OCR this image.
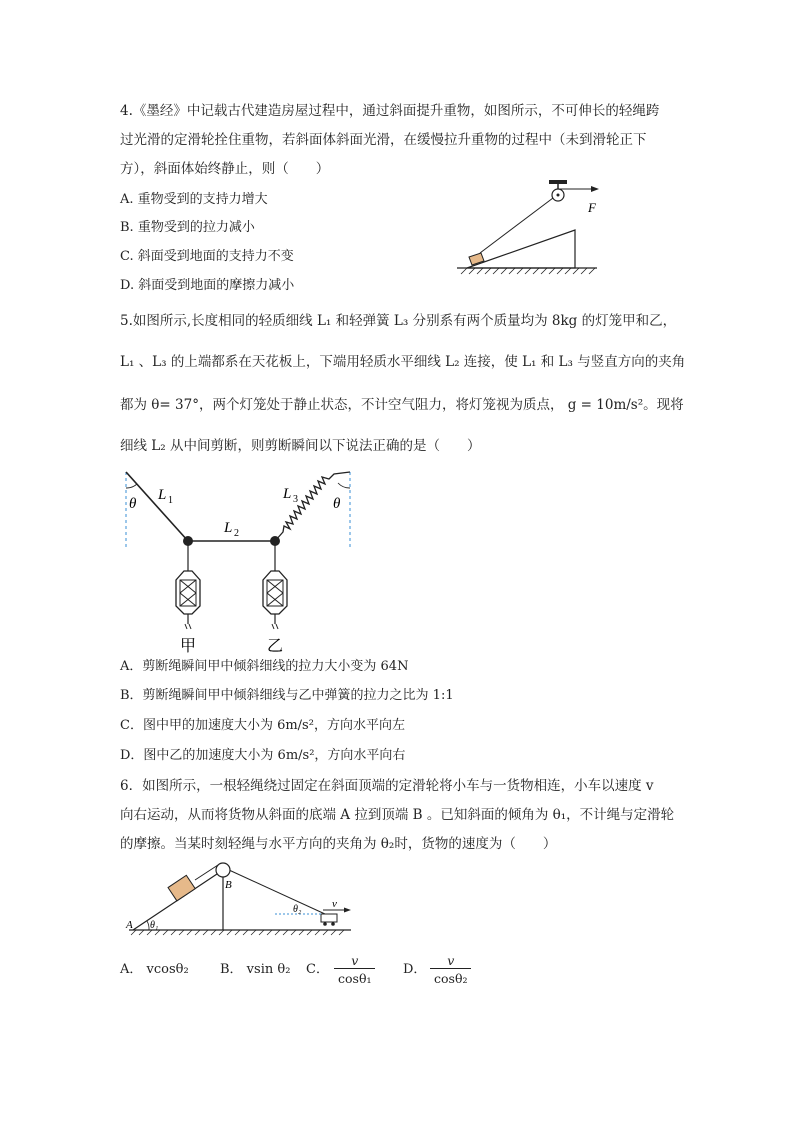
4.《墨经》中记载古代建造房屋过程中，通过斜面提升重物，如图所示，不可伸长的轻绳跨
过光滑的定滑轮拴住重物，若斜面体斜面光滑，在缓慢拉升重物的过程中（未到滑轮正下
方），斜面体始终静止，则（　　）
A. 重物受到的支持力增大
B. 重物受到的拉力减小
C. 斜面受到地面的支持力不变
D. 斜面受到地面的摩擦力减小
F
5.如图所示,长度相同的轻质细线 L₁ 和轻弹簧 L₃ 分别系有两个质量均为 8kg 的灯笼甲和乙，
L₁ 、L₃ 的上端都系在天花板上，下端用轻质水平细线 L₂ 连接，使 L₁ 和 L₃ 与竖直方向的夹角
都为 θ= 37°，两个灯笼处于静止状态，不计空气阻力，将灯笼视为质点， g = 10m/s²。现将
细线 L₂ 从中间剪断，则剪断瞬间以下说法正确的是（　　）
θ	θ
L 1
L 2
L 3
甲	乙
A．剪断绳瞬间甲中倾斜细线的拉力大小变为 64N
B．剪断绳瞬间甲中倾斜细线与乙中弹簧的拉力之比为 1:1
C．图中甲的加速度大小为 6m/s²，方向水平向左
D．图中乙的加速度大小为 6m/s²，方向水平向右
6．如图所示，一根轻绳绕过固定在斜面顶端的定滑轮将小车与一货物相连，小车以速度 v
向右运动，从而将货物从斜面的底端 A 拉到顶端 B 。已知斜面的倾角为 θ₁，不计绳与定滑轮
的摩擦。当某时刻轻绳与水平方向的夹角为 θ₂时，货物的速度为（　　）
v
A
B
θ₁
θ₂
A． vcosθ₂ B． vsin θ₂ C． $\frac{v}{\text{cosθ₁}}$ D． $\frac{v}{\text{cosθ₂}}$
